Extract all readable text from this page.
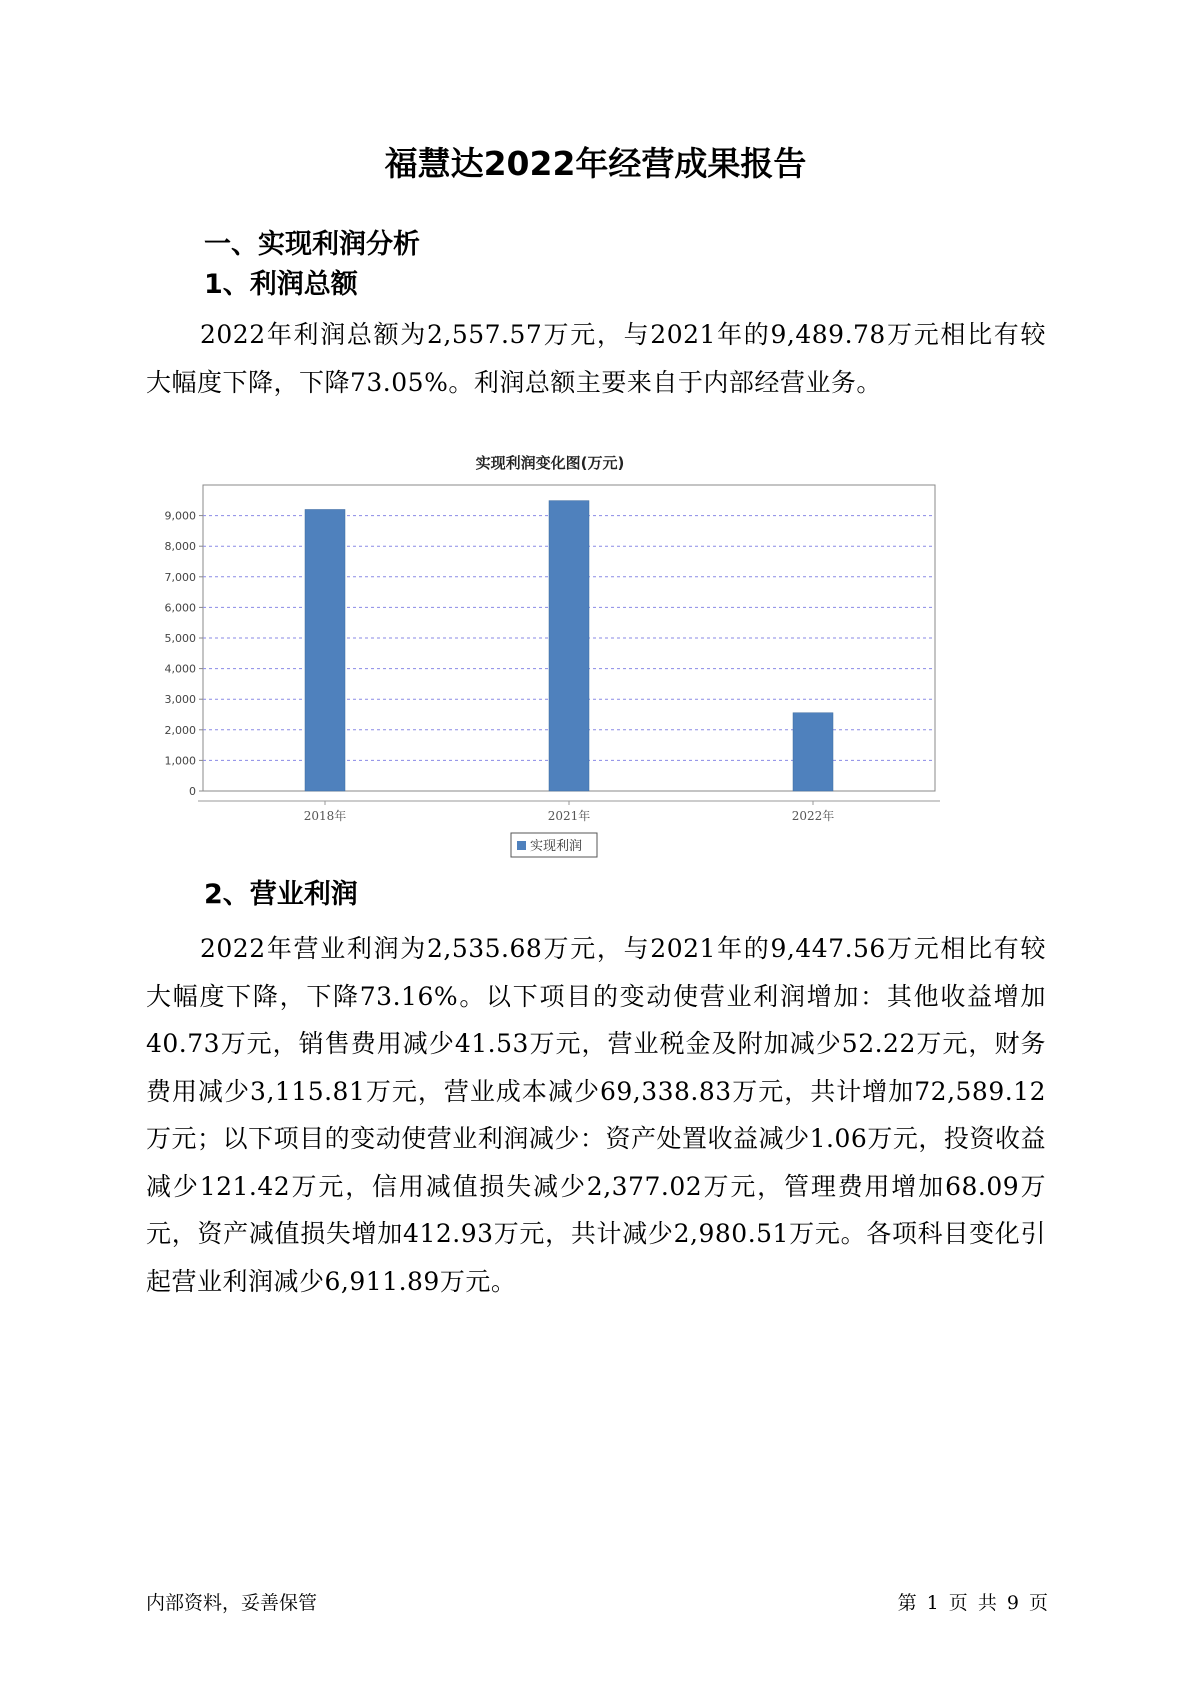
福慧达2022年经营成果报告
一、实现利润分析
1、利润总额
2022年利润总额为2,557.57万元，与2021年的9,489.78万元相比有较大幅度下降，下降73.05%。利润总额主要来自于内部经营业务。
实现利润变化图(万元)
0
1,000
2,000
3,000
4,000
5,000
6,000
7,000
8,000
9,000
2018年	2021年	2022年
实现利润
2、营业利润
2022年营业利润为2,535.68万元，与2021年的9,447.56万元相比有较大幅度下降，下降73.16%。以下项目的变动使营业利润增加：其他收益增加40.73万元，销售费用减少41.53万元，营业税金及附加减少52.22万元，财务费用减少3,115.81万元，营业成本减少69,338.83万元，共计增加72,589.12万元；以下项目的变动使营业利润减少：资产处置收益减少1.06万元，投资收益减少121.42万元，信用减值损失减少2,377.02万元，管理费用增加68.09万元，资产减值损失增加412.93万元，共计减少2,980.51万元。各项科目变化引起营业利润减少6,911.89万元。
内部资料，妥善保管	第 1 页 共 9 页
